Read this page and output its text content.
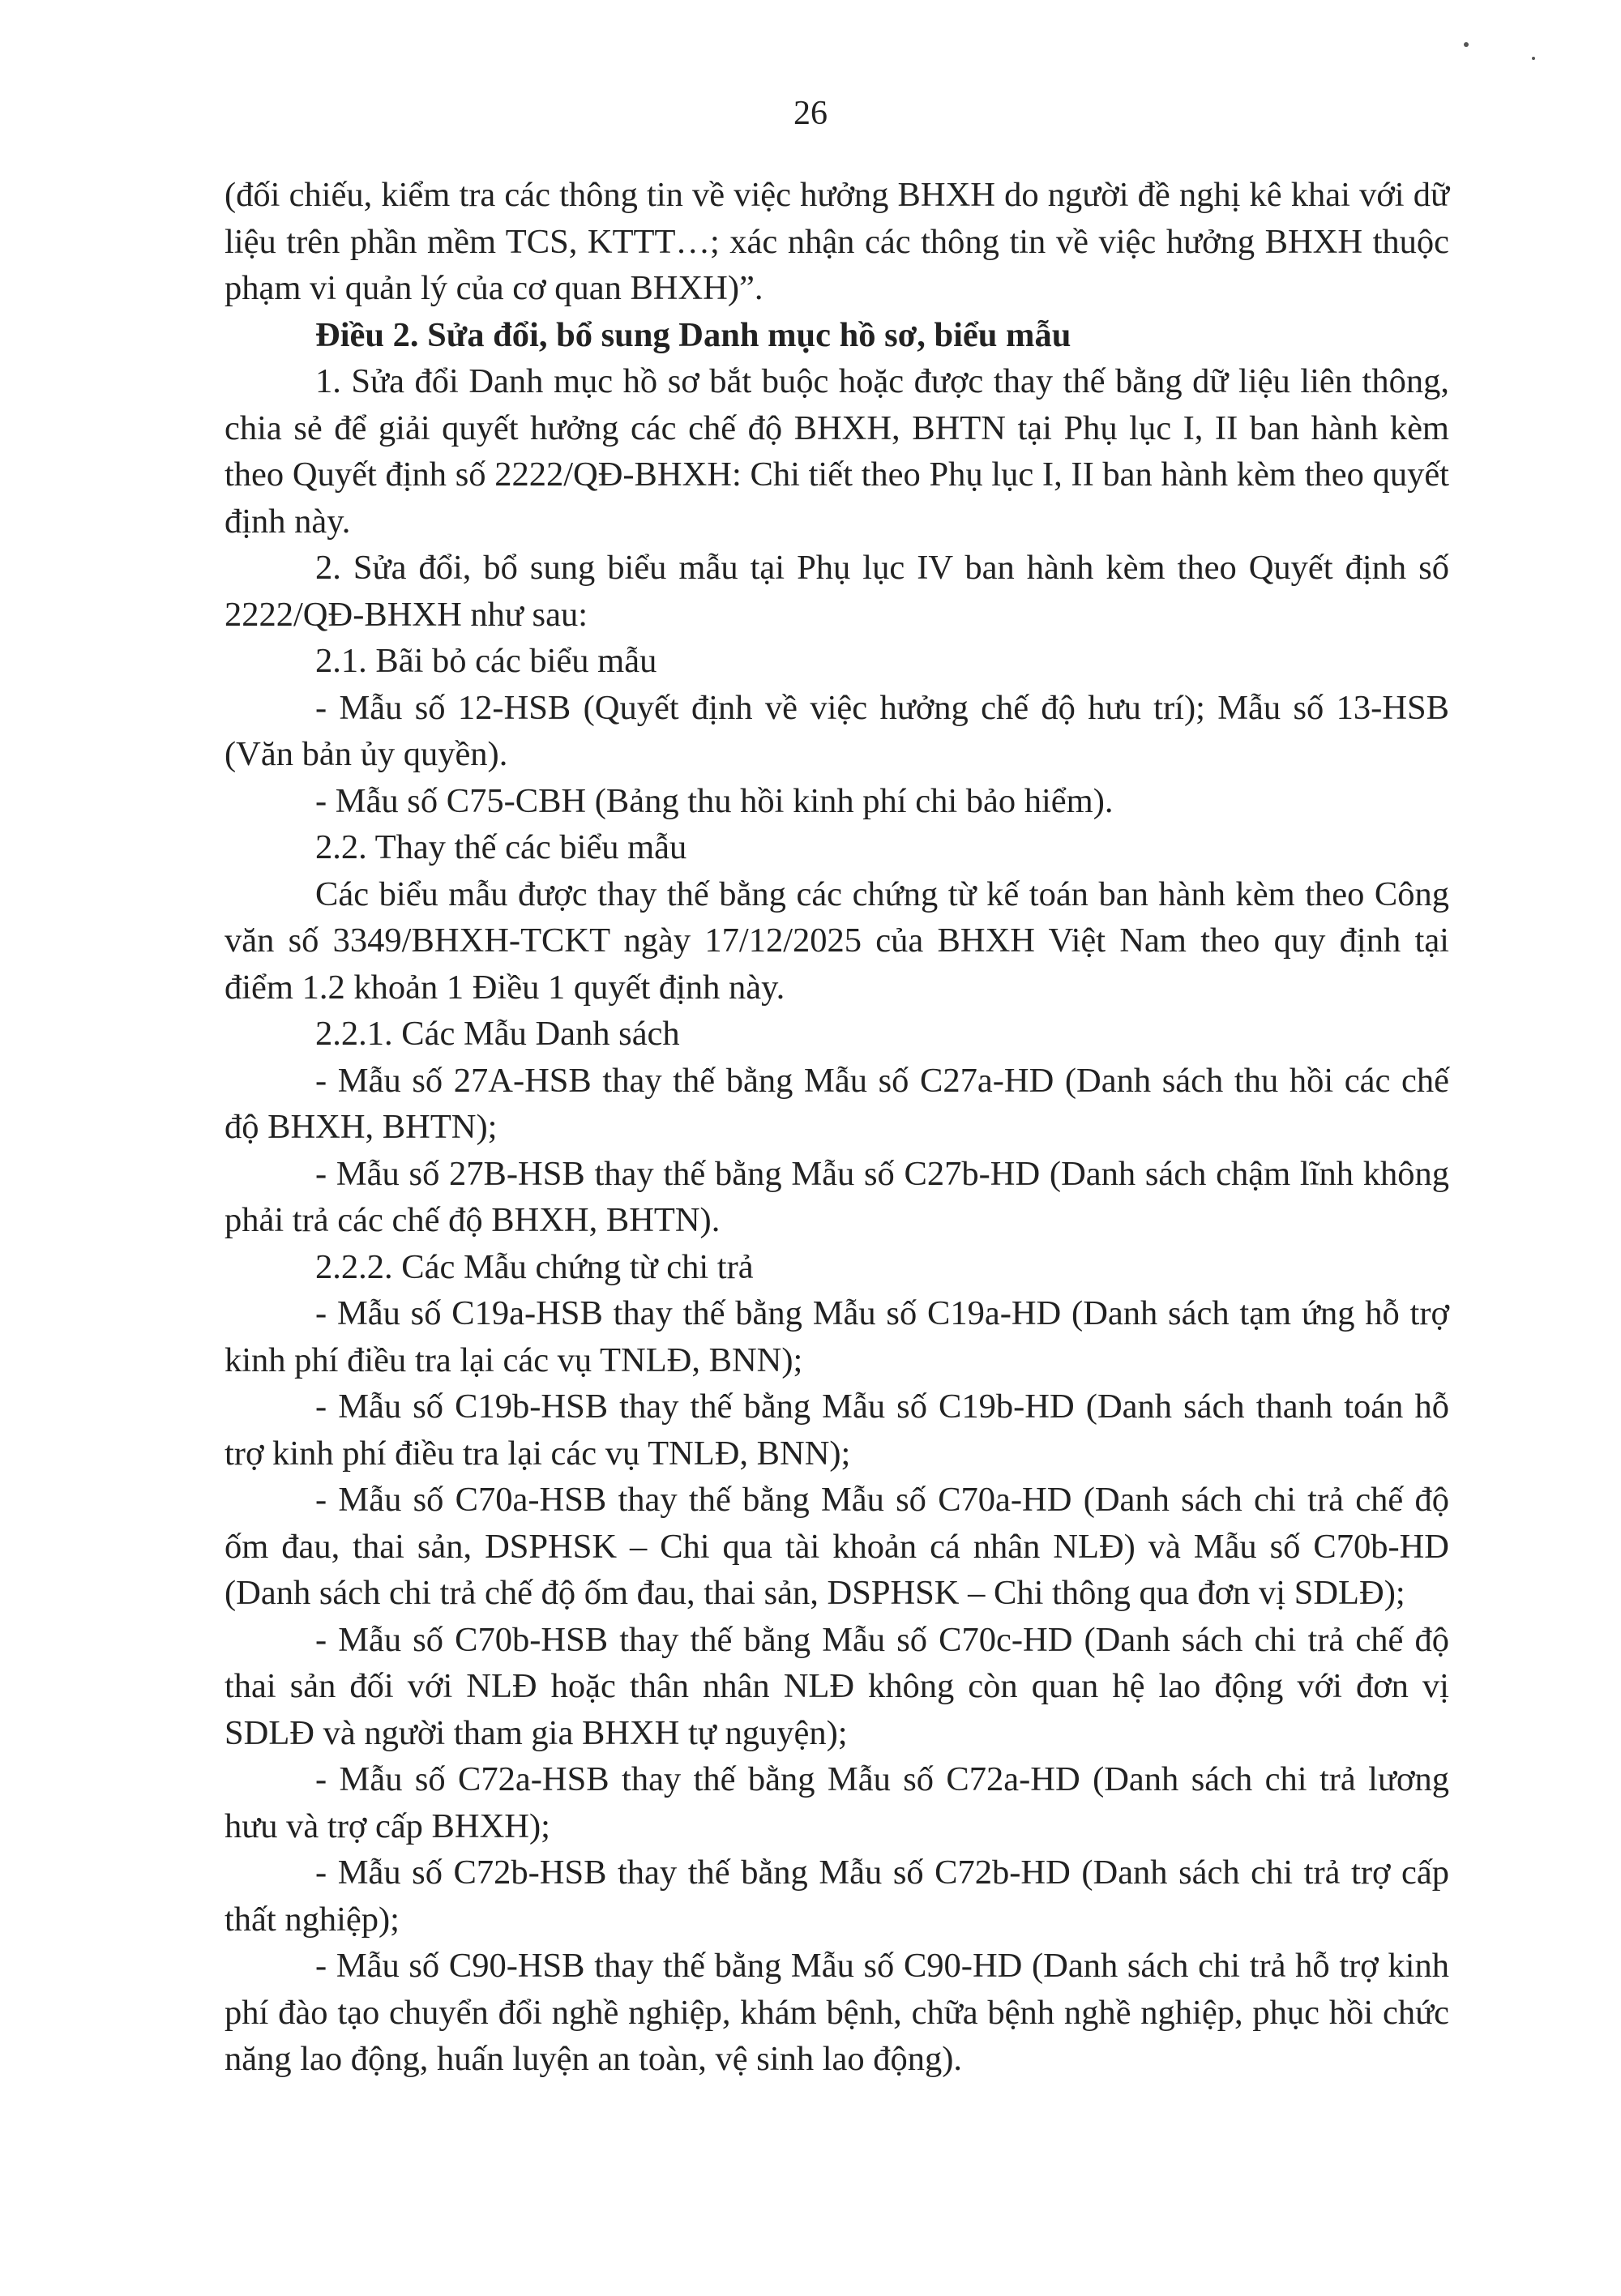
26

(đối chiếu, kiểm tra các thông tin về việc hưởng BHXH do người đề nghị kê khai với dữ liệu trên phần mềm TCS, KTTT…; xác nhận các thông tin về việc hưởng BHXH thuộc phạm vi quản lý của cơ quan BHXH)”.

Điều 2. Sửa đổi, bổ sung Danh mục hồ sơ, biểu mẫu

1. Sửa đổi Danh mục hồ sơ bắt buộc hoặc được thay thế bằng dữ liệu liên thông, chia sẻ để giải quyết hưởng các chế độ BHXH, BHTN tại Phụ lục I, II ban hành kèm theo Quyết định số 2222/QĐ-BHXH: Chi tiết theo Phụ lục I, II ban hành kèm theo quyết định này.

2. Sửa đổi, bổ sung biểu mẫu tại Phụ lục IV ban hành kèm theo Quyết định số 2222/QĐ-BHXH như sau:

2.1. Bãi bỏ các biểu mẫu

- Mẫu số 12-HSB (Quyết định về việc hưởng chế độ hưu trí); Mẫu số 13-HSB (Văn bản ủy quyền).

- Mẫu số C75-CBH (Bảng thu hồi kinh phí chi bảo hiểm).

2.2. Thay thế các biểu mẫu

Các biểu mẫu được thay thế bằng các chứng từ kế toán ban hành kèm theo Công văn số 3349/BHXH-TCKT ngày 17/12/2025 của BHXH Việt Nam theo quy định tại điểm 1.2 khoản 1 Điều 1 quyết định này.

2.2.1. Các Mẫu Danh sách

- Mẫu số 27A-HSB thay thế bằng Mẫu số C27a-HD (Danh sách thu hồi các chế độ BHXH, BHTN);

- Mẫu số 27B-HSB thay thế bằng Mẫu số C27b-HD (Danh sách chậm lĩnh không phải trả các chế độ BHXH, BHTN).

2.2.2. Các Mẫu chứng từ chi trả

- Mẫu số C19a-HSB thay thế bằng Mẫu số C19a-HD (Danh sách tạm ứng hỗ trợ kinh phí điều tra lại các vụ TNLĐ, BNN);

- Mẫu số C19b-HSB thay thế bằng Mẫu số C19b-HD (Danh sách thanh toán hỗ trợ kinh phí điều tra lại các vụ TNLĐ, BNN);

- Mẫu số C70a-HSB thay thế bằng Mẫu số C70a-HD (Danh sách chi trả chế độ ốm đau, thai sản, DSPHSK – Chi qua tài khoản cá nhân NLĐ) và Mẫu số C70b-HD (Danh sách chi trả chế độ ốm đau, thai sản, DSPHSK – Chi thông qua đơn vị SDLĐ);

- Mẫu số C70b-HSB thay thế bằng Mẫu số C70c-HD (Danh sách chi trả chế độ thai sản đối với NLĐ hoặc thân nhân NLĐ không còn quan hệ lao động với đơn vị SDLĐ và người tham gia BHXH tự nguyện);

- Mẫu số C72a-HSB thay thế bằng Mẫu số C72a-HD (Danh sách chi trả lương hưu và trợ cấp BHXH);

- Mẫu số C72b-HSB thay thế bằng Mẫu số C72b-HD (Danh sách chi trả trợ cấp thất nghiệp);

- Mẫu số C90-HSB thay thế bằng Mẫu số C90-HD (Danh sách chi trả hỗ trợ kinh phí đào tạo chuyển đổi nghề nghiệp, khám bệnh, chữa bệnh nghề nghiệp, phục hồi chức năng lao động, huấn luyện an toàn, vệ sinh lao động).
